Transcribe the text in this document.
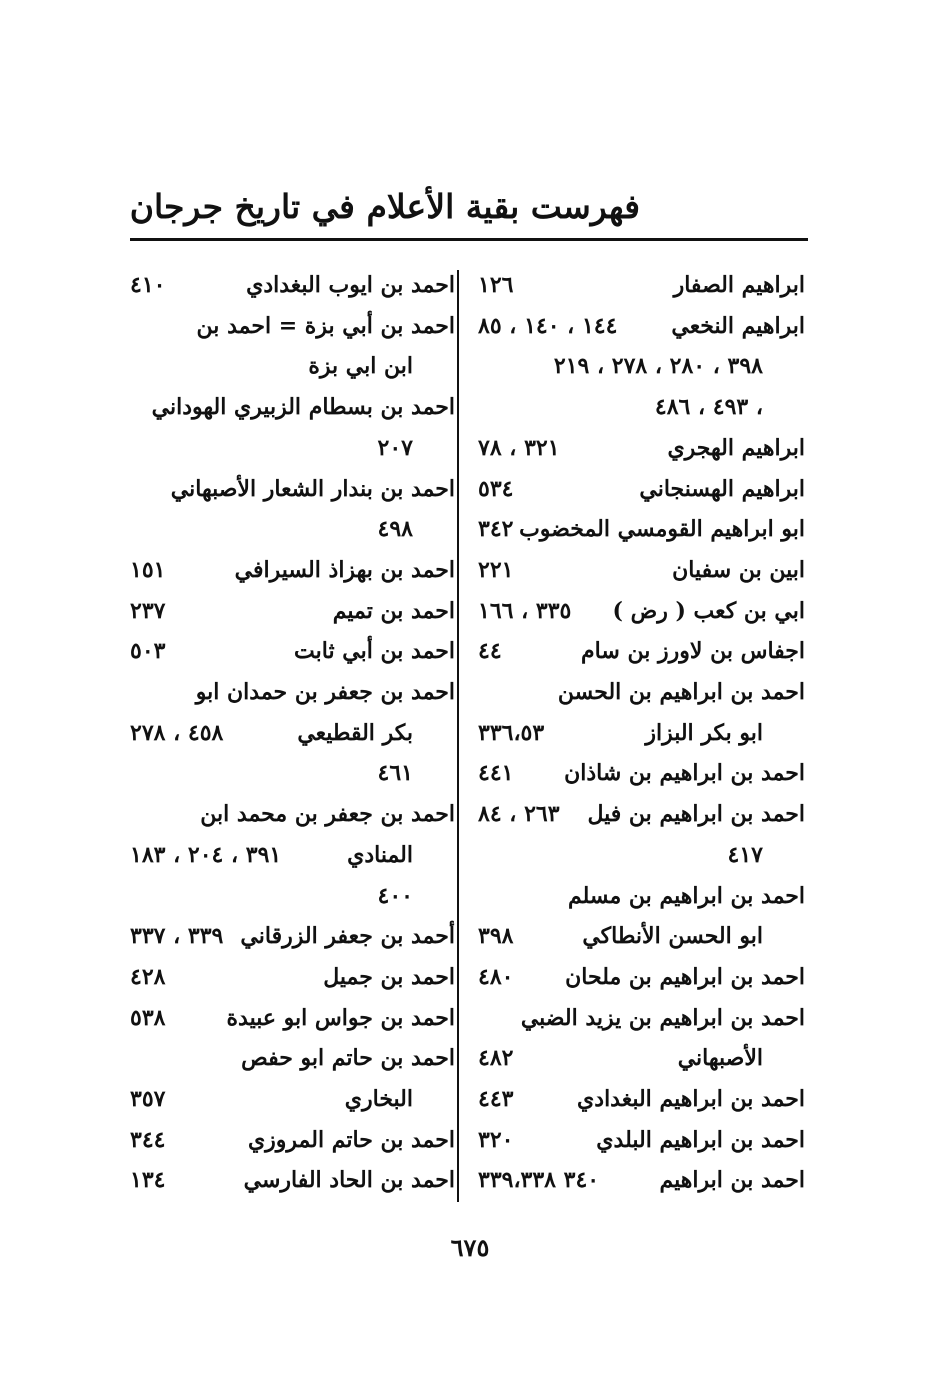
فهرست بقية الأعلام في تاريخ جرجان
ابراهيم الصفار
١٢٦
ابراهيم النخعي
١٤٤ ، ١٤٠ ، ٨٥
٣٩٨ ، ٢٨٠ ، ٢٧٨ ، ٢١٩
، ٤٩٣ ، ٤٨٦
ابراهيم الهجري
٣٢١ ، ٧٨
ابراهيم الهسنجاني
٥٣٤
ابو ابراهيم القومسي المخضوب
٣٤٢
ابين بن سفيان
٢٢١
ابي بن كعب ( رض )
٣٣٥ ، ١٦٦
اجفاس بن لاورز بن سام
٤٤
احمد بن ابراهيم بن الحسن
ابو بكر البزاز
٣٣٦،٥٣
احمد بن ابراهيم بن شاذان
٤٤١
احمد بن ابراهيم بن فيل
٢٦٣ ، ٨٤
٤١٧
احمد بن ابراهيم بن مسلم
ابو الحسن الأنطاكي
٣٩٨
احمد بن ابراهيم بن ملحان
٤٨٠
احمد بن ابراهيم بن يزيد الضبي
الأصبهاني
٤٨٢
احمد بن ابراهيم البغدادي
٤٤٣
احمد بن ابراهيم البلدي
٣٢٠
احمد بن ابراهيم
٣٤٠ ٣٣٩،٣٣٨
احمد بن ايوب البغدادي
٤١٠
احمد بن أبي بزة = احمد بن
ابن ابي بزة
احمد بن بسطام الزبيري الهوداني
٢٠٧
احمد بن بندار الشعار الأصبهاني
٤٩٨
احمد بن بهزاذ السيرافي
١٥١
احمد بن تميم
٢٣٧
احمد بن أبي ثابت
٥٠٣
احمد بن جعفر بن حمدان ابو
بكر القطيعي
٤٥٨ ، ٢٧٨
٤٦١
احمد بن جعفر بن محمد ابن
المنادي
٣٩١ ، ٢٠٤ ، ١٨٣
٤٠٠
أحمد بن جعفر الزرقاني
٣٣٩ ، ٣٣٧
احمد بن جميل
٤٢٨
احمد بن جواس ابو عبيدة
٥٣٨
احمد بن حاتم ابو حفص
البخاري
٣٥٧
احمد بن حاتم المروزي
٣٤٤
احمد بن الحاد الفارسي
١٣٤
٦٧٥
